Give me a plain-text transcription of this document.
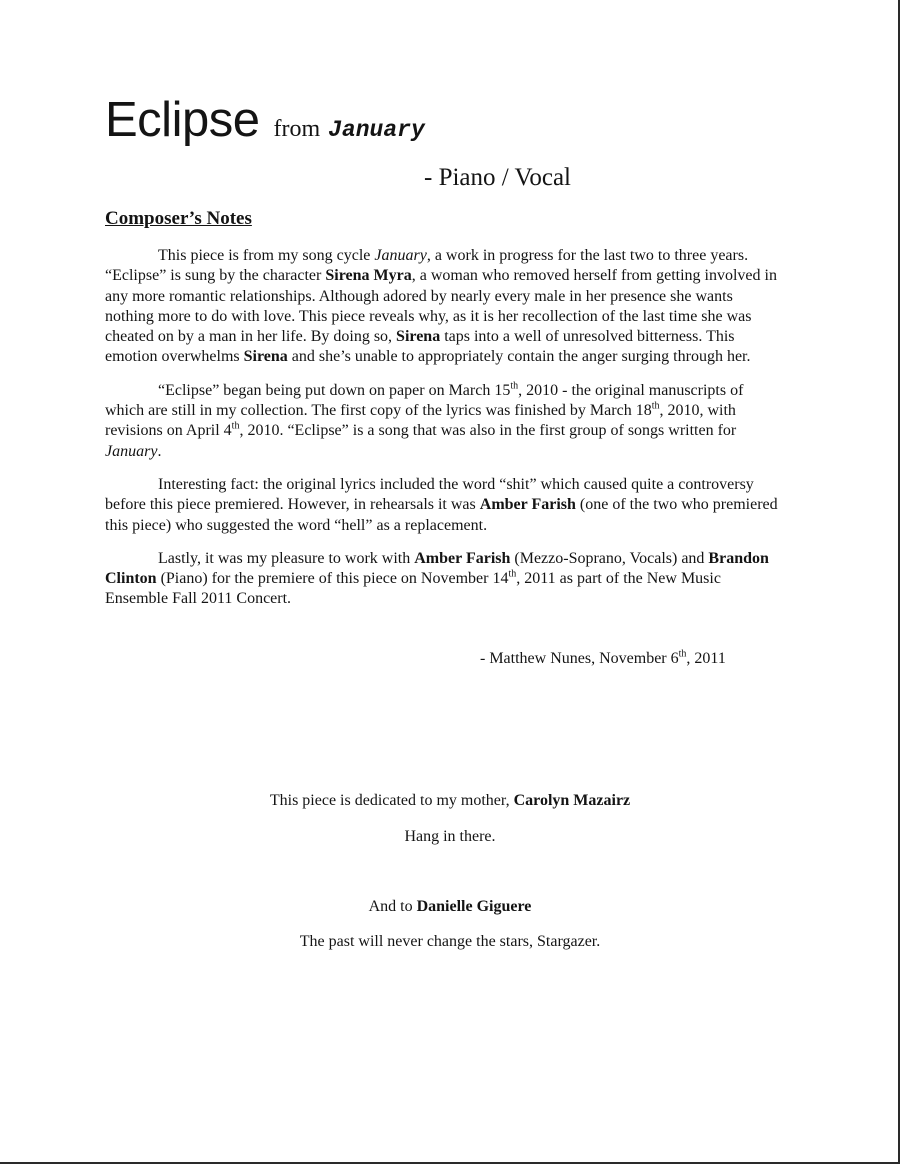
Eclipse from January
- Piano / Vocal
Composer’s Notes

This piece is from my song cycle January, a work in progress for the last two to three years. “Eclipse” is sung by the character Sirena Myra, a woman who removed herself from getting involved in any more romantic relationships. Although adored by nearly every male in her presence she wants nothing more to do with love. This piece reveals why, as it is her recollection of the last time she was cheated on by a man in her life. By doing so, Sirena taps into a well of unresolved bitterness. This emotion overwhelms Sirena and she’s unable to appropriately contain the anger surging through her.

“Eclipse” began being put down on paper on March 15th, 2010 - the original manuscripts of which are still in my collection. The first copy of the lyrics was finished by March 18th, 2010, with revisions on April 4th, 2010. “Eclipse” is a song that was also in the first group of songs written for January.

Interesting fact: the original lyrics included the word “shit” which caused quite a controversy before this piece premiered. However, in rehearsals it was Amber Farish (one of the two who premiered this piece) who suggested the word “hell” as a replacement.

Lastly, it was my pleasure to work with Amber Farish (Mezzo-Soprano, Vocals) and Brandon Clinton (Piano) for the premiere of this piece on November 14th, 2011 as part of the New Music Ensemble Fall 2011 Concert.

- Matthew Nunes, November 6th, 2011
This piece is dedicated to my mother, Carolyn Mazairz
Hang in there.
And to Danielle Giguere
The past will never change the stars, Stargazer.
